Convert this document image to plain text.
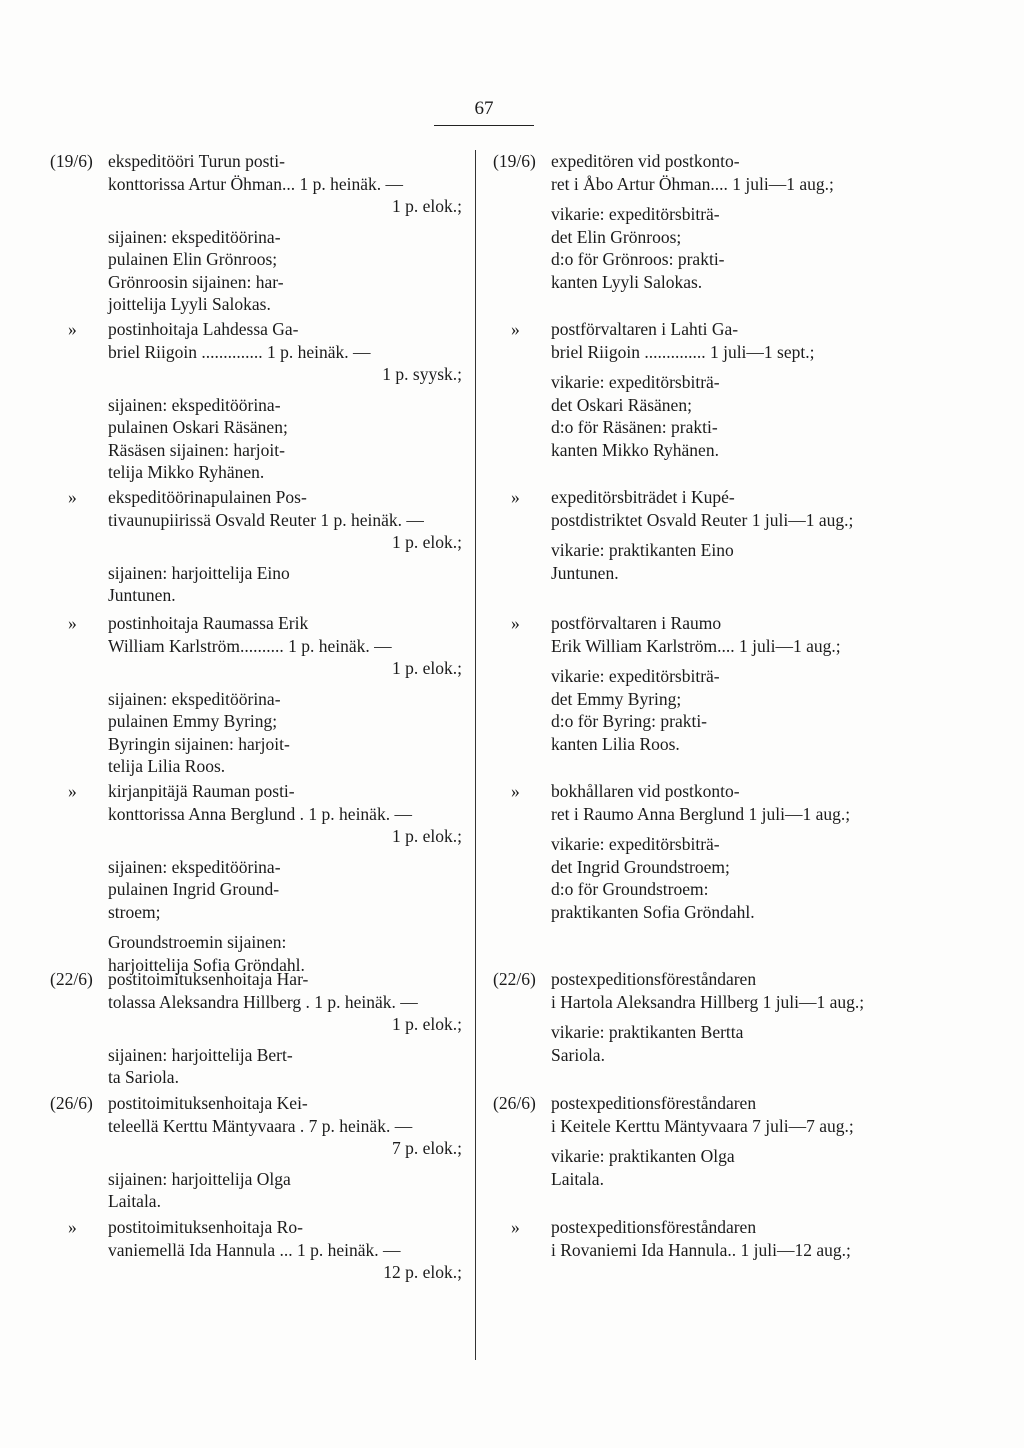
67
(19/6) ekspeditööri Turun posti-
konttorissa Artur Öhman... 1 p. heinäk. —
1 p. elok.;
sijainen: ekspeditöörina-
pulainen Elin Grönroos;
Grönroosin sijainen: har-
joittelija Lyyli Salokas.
» postinhoitaja Lahdessa Ga-
briel Riigoin .............. 1 p. heinäk. —
1 p. syysk.;
sijainen: ekspeditöörina-
pulainen Oskari Räsänen;
Räsäsen sijainen: harjoit-
telija Mikko Ryhänen.
» ekspeditöörinapulainen Pos-
tivaunupiirissä Osvald Reuter 1 p. heinäk. —
1 p. elok.;
sijainen: harjoittelija Eino
Juntunen.
» postinhoitaja Raumassa Erik
William Karlström.......... 1 p. heinäk. —
1 p. elok.;
sijainen: ekspeditöörina-
pulainen Emmy Byring;
Byringin sijainen: harjoit-
telija Lilia Roos.
» kirjanpitäjä Rauman posti-
konttorissa Anna Berglund . 1 p. heinäk. —
1 p. elok.;
sijainen: ekspeditöörina-
pulainen Ingrid Ground-
stroem;
Groundstroemin sijainen:
harjoittelija Sofia Gröndahl.
(22/6) postitoimituksenhoitaja Har-
tolassa Aleksandra Hillberg . 1 p. heinäk. —
1 p. elok.;
sijainen: harjoittelija Bert-
ta Sariola.
(26/6) postitoimituksenhoitaja Kei-
teleellä Kerttu Mäntyvaara . 7 p. heinäk. —
7 p. elok.;
sijainen: harjoittelija Olga
Laitala.
» postitoimituksenhoitaja Ro-
vaniemellä Ida Hannula ... 1 p. heinäk. —
12 p. elok.;
(19/6) expeditören vid postkonto-
ret i Åbo Artur Öhman.... 1 juli—1 aug.;
vikarie: expeditörsbiträ-
det Elin Grönroos;
d:o för Grönroos: prakti-
kanten Lyyli Salokas.
» postförvaltaren i Lahti Ga-
briel Riigoin .............. 1 juli—1 sept.;
vikarie: expeditörsbiträ-
det Oskari Räsänen;
d:o för Räsänen: prakti-
kanten Mikko Ryhänen.
» expeditörsbiträdet i Kupé-
postdistriktet Osvald Reuter 1 juli—1 aug.;
vikarie: praktikanten Eino
Juntunen.
» postförvaltaren i Raumo
Erik William Karlström.... 1 juli—1 aug.;
vikarie: expeditörsbiträ-
det Emmy Byring;
d:o för Byring: prakti-
kanten Lilia Roos.
» bokhållaren vid postkonto-
ret i Raumo Anna Berglund 1 juli—1 aug.;
vikarie: expeditörsbiträ-
det Ingrid Groundstroem;
d:o för Groundstroem:
praktikanten Sofia Gröndahl.
(22/6) postexpeditionsföreståndaren
i Hartola Aleksandra Hillberg 1 juli—1 aug.;
vikarie: praktikanten Bertta
Sariola.
(26/6) postexpeditionsföreståndaren
i Keitele Kerttu Mäntyvaara 7 juli—7 aug.;
vikarie: praktikanten Olga
Laitala.
» postexpeditionsföreståndaren
i Rovaniemi Ida Hannula.. 1 juli—12 aug.;
